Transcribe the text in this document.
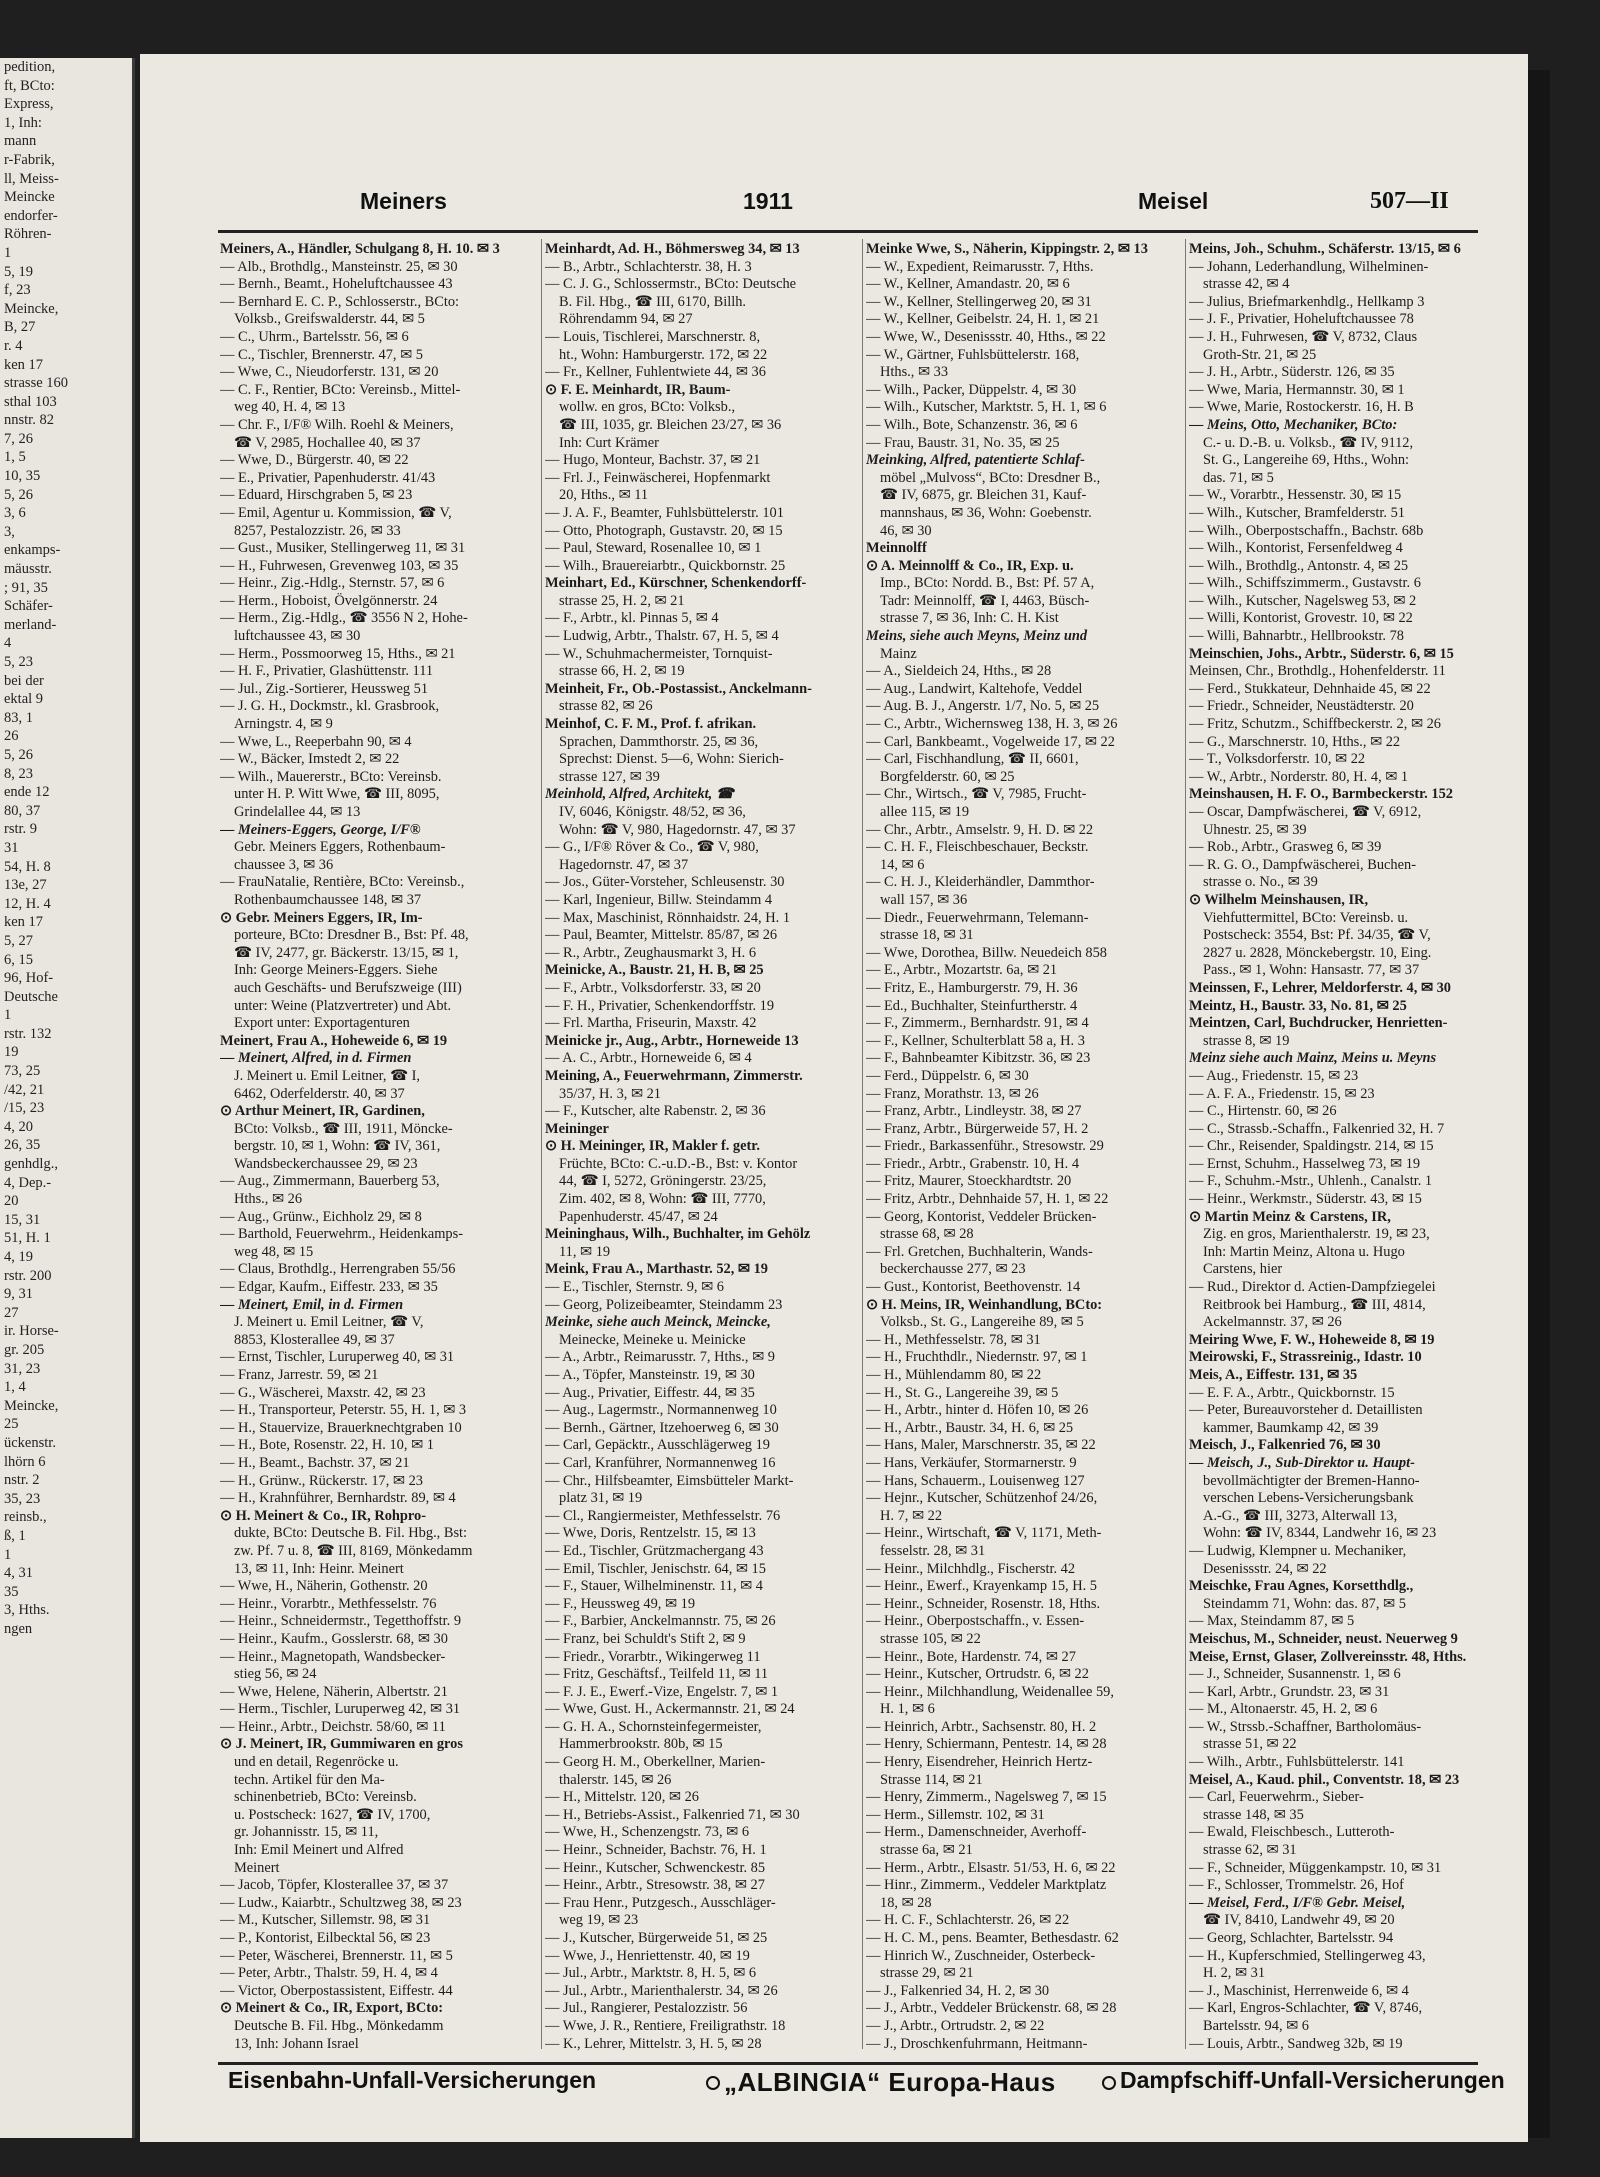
pedition,
ft, BCto:
Express,
1, Inh:
mann
r-Fabrik,
ll, Meiss-
Meincke
endorfer-
Röhren-
1
5, 19
f, 23
Meincke,
B, 27
r. 4
ken 17
strasse 160
sthal 103
nnstr. 82
7, 26
1, 5
10, 35
5, 26
3, 6
3,
enkamps-
mäusstr.
; 91, 35
Schäfer-
merland-
4
5, 23
bei der
ektal 9
83, 1
26
5, 26
8, 23
ende 12
80, 37
rstr. 9
31
54, H. 8
13e, 27
12, H. 4
ken 17
5, 27
6, 15
96, Hof-
Deutsche
1
rstr. 132
19
73, 25
/42, 21
/15, 23
4, 20
26, 35
genhdlg.,
4, Dep.-
20
15, 31
51, H. 1
4, 19
rstr. 200
9, 31
27
ir. Horse-
gr. 205
31, 23
1, 4
Meincke,
25
ückenstr.
lhörn 6
nstr. 2
35, 23
reinsb.,
ß, 1
1
4, 31
35
3, Hths.
ngen
Meiners	1911	Meisel	507—II
Meiners, A., Händler, Schulgang 8, H. 10. ✉ 3
— Alb., Brothdlg., Mansteinstr. 25, ✉ 30
— Bernh., Beamt., Hoheluftchaussee 43
— Bernhard E. C. P., Schlosserstr., BCto:
Volksb., Greifswalderstr. 44, ✉ 5
— C., Uhrm., Bartelsstr. 56, ✉ 6
— C., Tischler, Brennerstr. 47, ✉ 5
— Wwe, C., Nieudorferstr. 131, ✉ 20
— C. F., Rentier, BCto: Vereinsb., Mittel-
weg 40, H. 4, ✉ 13
— Chr. F., I/F® Wilh. Roehl & Meiners,
☎ V, 2985, Hochallee 40, ✉ 37
— Wwe, D., Bürgerstr. 40, ✉ 22
— E., Privatier, Papenhuderstr. 41/43
— Eduard, Hirschgraben 5, ✉ 23
— Emil, Agentur u. Kommission, ☎ V,
8257, Pestalozzistr. 26, ✉ 33
— Gust., Musiker, Stellingerweg 11, ✉ 31
— H., Fuhrwesen, Grevenweg 103, ✉ 35
— Heinr., Zig.-Hdlg., Sternstr. 57, ✉ 6
— Herm., Hoboist, Övelgönnerstr. 24
— Herm., Zig.-Hdlg., ☎ 3556 N 2, Hohe-
luftchaussee 43, ✉ 30
— Herm., Possmoorweg 15, Hths., ✉ 21
— H. F., Privatier, Glashüttenstr. 111
— Jul., Zig.-Sortierer, Heussweg 51
— J. G. H., Dockmstr., kl. Grasbrook,
Arningstr. 4, ✉ 9
— Wwe, L., Reeperbahn 90, ✉ 4
— W., Bäcker, Imstedt 2, ✉ 22
— Wilh., Mauererstr., BCto: Vereinsb.
unter H. P. Witt Wwe, ☎ III, 8095,
Grindelallee 44, ✉ 13
— Meiners-Eggers, George, I/F®
Gebr. Meiners Eggers, Rothenbaum-
chaussee 3, ✉ 36
— FrauNatalie, Rentière, BCto: Vereinsb.,
Rothenbaumchaussee 148, ✉ 37
⊙ Gebr. Meiners Eggers, IR, Im-
porteure, BCto: Dresdner B., Bst: Pf. 48,
☎ IV, 2477, gr. Bäckerstr. 13/15, ✉ 1,
Inh: George Meiners-Eggers. Siehe
auch Geschäfts- und Berufszweige (III)
unter: Weine (Platzvertreter) und Abt.
Export unter: Exportagenturen
Meinert, Frau A., Hoheweide 6, ✉ 19
— Meinert, Alfred, in d. Firmen
J. Meinert u. Emil Leitner, ☎ I,
6462, Oderfelderstr. 40, ✉ 37
⊙ Arthur Meinert, IR, Gardinen,
BCto: Volksb., ☎ III, 1911, Möncke-
bergstr. 10, ✉ 1, Wohn: ☎ IV, 361,
Wandsbeckerchaussee 29, ✉ 23
— Aug., Zimmermann, Bauerberg 53,
Hths., ✉ 26
— Aug., Grünw., Eichholz 29, ✉ 8
— Barthold, Feuerwehrm., Heidenkamps-
weg 48, ✉ 15
— Claus, Brothdlg., Herrengraben 55/56
— Edgar, Kaufm., Eiffestr. 233, ✉ 35
— Meinert, Emil, in d. Firmen
J. Meinert u. Emil Leitner, ☎ V,
8853, Klosterallee 49, ✉ 37
— Ernst, Tischler, Luruperweg 40, ✉ 31
— Franz, Jarrestr. 59, ✉ 21
— G., Wäscherei, Maxstr. 42, ✉ 23
— H., Transporteur, Peterstr. 55, H. 1, ✉ 3
— H., Stauervize, Brauerknechtgraben 10
— H., Bote, Rosenstr. 22, H. 10, ✉ 1
— H., Beamt., Bachstr. 37, ✉ 21
— H., Grünw., Rückerstr. 17, ✉ 23
— H., Krahnführer, Bernhardstr. 89, ✉ 4
⊙ H. Meinert & Co., IR, Rohpro-
dukte, BCto: Deutsche B. Fil. Hbg., Bst:
zw. Pf. 7 u. 8, ☎ III, 8169, Mönkedamm
13, ✉ 11, Inh: Heinr. Meinert
— Wwe, H., Näherin, Gothenstr. 20
— Heinr., Vorarbtr., Methfesselstr. 76
— Heinr., Schneidermstr., Tegetthoffstr. 9
— Heinr., Kaufm., Gosslerstr. 68, ✉ 30
— Heinr., Magnetopath, Wandsbecker-
stieg 56, ✉ 24
— Wwe, Helene, Näherin, Albertstr. 21
— Herm., Tischler, Luruperweg 42, ✉ 31
— Heinr., Arbtr., Deichstr. 58/60, ✉ 11
⊙ J. Meinert, IR, Gummiwaren en gros
und en detail, Regenröcke u.
techn. Artikel für den Ma-
schinenbetrieb, BCto: Vereinsb.
u. Postscheck: 1627, ☎ IV, 1700,
gr. Johannisstr. 15, ✉ 11,
Inh: Emil Meinert und Alfred
Meinert
— Jacob, Töpfer, Klosterallee 37, ✉ 37
— Ludw., Kaiarbtr., Schultzweg 38, ✉ 23
— M., Kutscher, Sillemstr. 98, ✉ 31
— P., Kontorist, Eilbecktal 56, ✉ 23
— Peter, Wäscherei, Brennerstr. 11, ✉ 5
— Peter, Arbtr., Thalstr. 59, H. 4, ✉ 4
— Victor, Oberpostassistent, Eiffestr. 44
⊙ Meinert & Co., IR, Export, BCto:
Deutsche B. Fil. Hbg., Mönkedamm
13, Inh: Johann Israel
Meinhardt, Ad. H., Böhmersweg 34, ✉ 13
— B., Arbtr., Schlachterstr. 38, H. 3
— C. J. G., Schlossermstr., BCto: Deutsche
B. Fil. Hbg., ☎ III, 6170, Billh.
Röhrendamm 94, ✉ 27
— Louis, Tischlerei, Marschnerstr. 8,
ht., Wohn: Hamburgerstr. 172, ✉ 22
— Fr., Kellner, Fuhlentwiete 44, ✉ 36
⊙ F. E. Meinhardt, IR, Baum-
wollw. en gros, BCto: Volksb.,
☎ III, 1035, gr. Bleichen 23/27, ✉ 36
Inh: Curt Krämer
— Hugo, Monteur, Bachstr. 37, ✉ 21
— Frl. J., Feinwäscherei, Hopfenmarkt
20, Hths., ✉ 11
— J. A. F., Beamter, Fuhlsbüttelerstr. 101
— Otto, Photograph, Gustavstr. 20, ✉ 15
— Paul, Steward, Rosenallee 10, ✉ 1
— Wilh., Brauereiarbtr., Quickbornstr. 25
Meinhart, Ed., Kürschner, Schenkendorff-
strasse 25, H. 2, ✉ 21
— F., Arbtr., kl. Pinnas 5, ✉ 4
— Ludwig, Arbtr., Thalstr. 67, H. 5, ✉ 4
— W., Schuhmachermeister, Tornquist-
strasse 66, H. 2, ✉ 19
Meinheit, Fr., Ob.-Postassist., Anckelmann-
strasse 82, ✉ 26
Meinhof, C. F. M., Prof. f. afrikan.
Sprachen, Dammthorstr. 25, ✉ 36,
Sprechst: Dienst. 5—6, Wohn: Sierich-
strasse 127, ✉ 39
Meinhold, Alfred, Architekt, ☎
IV, 6046, Königstr. 48/52, ✉ 36,
Wohn: ☎ V, 980, Hagedornstr. 47, ✉ 37
— G., I/F® Röver & Co., ☎ V, 980,
Hagedornstr. 47, ✉ 37
— Jos., Güter-Vorsteher, Schleusenstr. 30
— Karl, Ingenieur, Billw. Steindamm 4
— Max, Maschinist, Rönnhaidstr. 24, H. 1
— Paul, Beamter, Mittelstr. 85/87, ✉ 26
— R., Arbtr., Zeughausmarkt 3, H. 6
Meinicke, A., Baustr. 21, H. B, ✉ 25
— F., Arbtr., Volksdorferstr. 33, ✉ 20
— F. H., Privatier, Schenkendorffstr. 19
— Frl. Martha, Friseurin, Maxstr. 42
Meinicke jr., Aug., Arbtr., Horneweide 13
— A. C., Arbtr., Horneweide 6, ✉ 4
Meining, A., Feuerwehrmann, Zimmerstr.
35/37, H. 3, ✉ 21
— F., Kutscher, alte Rabenstr. 2, ✉ 36
Meininger
⊙ H. Meininger, IR, Makler f. getr.
Früchte, BCto: C.-u.D.-B., Bst: v. Kontor
44, ☎ I, 5272, Gröningerstr. 23/25,
Zim. 402, ✉ 8, Wohn: ☎ III, 7770,
Papenhuderstr. 45/47, ✉ 24
Meininghaus, Wilh., Buchhalter, im Gehölz
11, ✉ 19
Meink, Frau A., Marthastr. 52, ✉ 19
— E., Tischler, Sternstr. 9, ✉ 6
— Georg, Polizeibeamter, Steindamm 23
Meinke, siehe auch Meinck, Meincke,
Meinecke, Meineke u. Meinicke
— A., Arbtr., Reimarusstr. 7, Hths., ✉ 9
— A., Töpfer, Mansteinstr. 19, ✉ 30
— Aug., Privatier, Eiffestr. 44, ✉ 35
— Aug., Lagermstr., Normannenweg 10
— Bernh., Gärtner, Itzehoerweg 6, ✉ 30
— Carl, Gepäcktr., Ausschlägerweg 19
— Carl, Kranführer, Normannenweg 16
— Chr., Hilfsbeamter, Eimsbütteler Markt-
platz 31, ✉ 19
— Cl., Rangiermeister, Methfesselstr. 76
— Wwe, Doris, Rentzelstr. 15, ✉ 13
— Ed., Tischler, Grützmachergang 43
— Emil, Tischler, Jenischstr. 64, ✉ 15
— F., Stauer, Wilhelminenstr. 11, ✉ 4
— F., Heussweg 49, ✉ 19
— F., Barbier, Anckelmannstr. 75, ✉ 26
— Franz, bei Schuldt's Stift 2, ✉ 9
— Friedr., Vorarbtr., Wikingerweg 11
— Fritz, Geschäftsf., Teilfeld 11, ✉ 11
— F. J. E., Ewerf.-Vize, Engelstr. 7, ✉ 1
— Wwe, Gust. H., Ackermannstr. 21, ✉ 24
— G. H. A., Schornsteinfegermeister,
Hammerbrookstr. 80b, ✉ 15
— Georg H. M., Oberkellner, Marien-
thalerstr. 145, ✉ 26
— H., Mittelstr. 120, ✉ 26
— H., Betriebs-Assist., Falkenried 71, ✉ 30
— Wwe, H., Schenzengstr. 73, ✉ 6
— Heinr., Schneider, Bachstr. 76, H. 1
— Heinr., Kutscher, Schwenckestr. 85
— Heinr., Arbtr., Stresowstr. 38, ✉ 27
— Frau Henr., Putzgesch., Ausschläger-
weg 19, ✉ 23
— J., Kutscher, Bürgerweide 51, ✉ 25
— Wwe, J., Henriettenstr. 40, ✉ 19
— Jul., Arbtr., Marktstr. 8, H. 5, ✉ 6
— Jul., Arbtr., Marienthalerstr. 34, ✉ 26
— Jul., Rangierer, Pestalozzistr. 56
— Wwe, J. R., Rentiere, Freiligrathstr. 18
— K., Lehrer, Mittelstr. 3, H. 5, ✉ 28
Meinke Wwe, S., Näherin, Kippingstr. 2, ✉ 13
— W., Expedient, Reimarusstr. 7, Hths.
— W., Kellner, Amandastr. 20, ✉ 6
— W., Kellner, Stellingerweg 20, ✉ 31
— W., Kellner, Geibelstr. 24, H. 1, ✉ 21
— Wwe, W., Desenissstr. 40, Hths., ✉ 22
— W., Gärtner, Fuhlsbüttelerstr. 168,
Hths., ✉ 33
— Wilh., Packer, Düppelstr. 4, ✉ 30
— Wilh., Kutscher, Marktstr. 5, H. 1, ✉ 6
— Wilh., Bote, Schanzenstr. 36, ✉ 6
— Frau, Baustr. 31, No. 35, ✉ 25
Meinking, Alfred, patentierte Schlaf-
möbel „Mulvoss“, BCto: Dresdner B.,
☎ IV, 6875, gr. Bleichen 31, Kauf-
mannshaus, ✉ 36, Wohn: Goebenstr.
46, ✉ 30
Meinnolff
⊙ A. Meinnolff & Co., IR, Exp. u.
Imp., BCto: Nordd. B., Bst: Pf. 57 A,
Tadr: Meinnolff, ☎ I, 4463, Büsch-
strasse 7, ✉ 36, Inh: C. H. Kist
Meins, siehe auch Meyns, Meinz und
Mainz
— A., Sieldeich 24, Hths., ✉ 28
— Aug., Landwirt, Kaltehofe, Veddel
— Aug. B. J., Angerstr. 1/7, No. 5, ✉ 25
— C., Arbtr., Wichernsweg 138, H. 3, ✉ 26
— Carl, Bankbeamt., Vogelweide 17, ✉ 22
— Carl, Fischhandlung, ☎ II, 6601,
Borgfelderstr. 60, ✉ 25
— Chr., Wirtsch., ☎ V, 7985, Frucht-
allee 115, ✉ 19
— Chr., Arbtr., Amselstr. 9, H. D. ✉ 22
— C. H. F., Fleischbeschauer, Beckstr.
14, ✉ 6
— C. H. J., Kleiderhändler, Dammthor-
wall 157, ✉ 36
— Diedr., Feuerwehrmann, Telemann-
strasse 18, ✉ 31
— Wwe, Dorothea, Billw. Neuedeich 858
— E., Arbtr., Mozartstr. 6a, ✉ 21
— Fritz, E., Hamburgerstr. 79, H. 36
— Ed., Buchhalter, Steinfurtherstr. 4
— F., Zimmerm., Bernhardstr. 91, ✉ 4
— F., Kellner, Schulterblatt 58 a, H. 3
— F., Bahnbeamter Kibitzstr. 36, ✉ 23
— Ferd., Düppelstr. 6, ✉ 30
— Franz, Morathstr. 13, ✉ 26
— Franz, Arbtr., Lindleystr. 38, ✉ 27
— Franz, Arbtr., Bürgerweide 57, H. 2
— Friedr., Barkassenführ., Stresowstr. 29
— Friedr., Arbtr., Grabenstr. 10, H. 4
— Fritz, Maurer, Stoeckhardtstr. 20
— Fritz, Arbtr., Dehnhaide 57, H. 1, ✉ 22
— Georg, Kontorist, Veddeler Brücken-
strasse 68, ✉ 28
— Frl. Gretchen, Buchhalterin, Wands-
beckerchausse 277, ✉ 23
— Gust., Kontorist, Beethovenstr. 14
⊙ H. Meins, IR, Weinhandlung, BCto:
Volksb., St. G., Langereihe 89, ✉ 5
— H., Methfesselstr. 78, ✉ 31
— H., Fruchthdlr., Niedernstr. 97, ✉ 1
— H., Mühlendamm 80, ✉ 22
— H., St. G., Langereihe 39, ✉ 5
— H., Arbtr., hinter d. Höfen 10, ✉ 26
— H., Arbtr., Baustr. 34, H. 6, ✉ 25
— Hans, Maler, Marschnerstr. 35, ✉ 22
— Hans, Verkäufer, Stormarnerstr. 9
— Hans, Schauerm., Louisenweg 127
— Hejnr., Kutscher, Schützenhof 24/26,
H. 7, ✉ 22
— Heinr., Wirtschaft, ☎ V, 1171, Meth-
fesselstr. 28, ✉ 31
— Heinr., Milchhdlg., Fischerstr. 42
— Heinr., Ewerf., Krayenkamp 15, H. 5
— Heinr., Schneider, Rosenstr. 18, Hths.
— Heinr., Oberpostschaffn., v. Essen-
strasse 105, ✉ 22
— Heinr., Bote, Hardenstr. 74, ✉ 27
— Heinr., Kutscher, Ortrudstr. 6, ✉ 22
— Heinr., Milchhandlung, Weidenallee 59,
H. 1, ✉ 6
— Heinrich, Arbtr., Sachsenstr. 80, H. 2
— Henry, Schiermann, Pentestr. 14, ✉ 28
— Henry, Eisendreher, Heinrich Hertz-
Strasse 114, ✉ 21
— Henry, Zimmerm., Nagelsweg 7, ✉ 15
— Herm., Sillemstr. 102, ✉ 31
— Herm., Damenschneider, Averhoff-
strasse 6a, ✉ 21
— Herm., Arbtr., Elsastr. 51/53, H. 6, ✉ 22
— Hinr., Zimmerm., Veddeler Marktplatz
18, ✉ 28
— H. C. F., Schlachterstr. 26, ✉ 22
— H. C. M., pens. Beamter, Bethesdastr. 62
— Hinrich W., Zuschneider, Osterbeck-
strasse 29, ✉ 21
— J., Falkenried 34, H. 2, ✉ 30
— J., Arbtr., Veddeler Brückenstr. 68, ✉ 28
— J., Arbtr., Ortrudstr. 2, ✉ 22
— J., Droschkenfuhrmann, Heitmann-
Meins, Joh., Schuhm., Schäferstr. 13/15, ✉ 6
— Johann, Lederhandlung, Wilhelminen-
strasse 42, ✉ 4
— Julius, Briefmarkenhdlg., Hellkamp 3
— J. F., Privatier, Hoheluftchaussee 78
— J. H., Fuhrwesen, ☎ V, 8732, Claus
Groth-Str. 21, ✉ 25
— J. H., Arbtr., Süderstr. 126, ✉ 35
— Wwe, Maria, Hermannstr. 30, ✉ 1
— Wwe, Marie, Rostockerstr. 16, H. B
— Meins, Otto, Mechaniker, BCto:
C.- u. D.-B. u. Volksb., ☎ IV, 9112,
St. G., Langereihe 69, Hths., Wohn:
das. 71, ✉ 5
— W., Vorarbtr., Hessenstr. 30, ✉ 15
— Wilh., Kutscher, Bramfelderstr. 51
— Wilh., Oberpostschaffn., Bachstr. 68b
— Wilh., Kontorist, Fersenfeldweg 4
— Wilh., Brothdlg., Antonstr. 4, ✉ 25
— Wilh., Schiffszimmerm., Gustavstr. 6
— Wilh., Kutscher, Nagelsweg 53, ✉ 2
— Willi, Kontorist, Grovestr. 10, ✉ 22
— Willi, Bahnarbtr., Hellbrookstr. 78
Meinschien, Johs., Arbtr., Süderstr. 6, ✉ 15
Meinsen, Chr., Brothdlg., Hohenfelderstr. 11
— Ferd., Stukkateur, Dehnhaide 45, ✉ 22
— Friedr., Schneider, Neustädterstr. 20
— Fritz, Schutzm., Schiffbeckerstr. 2, ✉ 26
— G., Marschnerstr. 10, Hths., ✉ 22
— T., Volksdorferstr. 10, ✉ 22
— W., Arbtr., Norderstr. 80, H. 4, ✉ 1
Meinshausen, H. F. O., Barmbeckerstr. 152
— Oscar, Dampfwäscherei, ☎ V, 6912,
Uhnestr. 25, ✉ 39
— Rob., Arbtr., Grasweg 6, ✉ 39
— R. G. O., Dampfwäscherei, Buchen-
strasse o. No., ✉ 39
⊙ Wilhelm Meinshausen, IR,
Viehfuttermittel, BCto: Vereinsb. u.
Postscheck: 3554, Bst: Pf. 34/35, ☎ V,
2827 u. 2828, Mönckebergstr. 10, Eing.
Pass., ✉ 1, Wohn: Hansastr. 77, ✉ 37
Meinssen, F., Lehrer, Meldorferstr. 4, ✉ 30
Meintz, H., Baustr. 33, No. 81, ✉ 25
Meintzen, Carl, Buchdrucker, Henrietten-
strasse 8, ✉ 19
Meinz siehe auch Mainz, Meins u. Meyns
— Aug., Friedenstr. 15, ✉ 23
— A. F. A., Friedenstr. 15, ✉ 23
— C., Hirtenstr. 60, ✉ 26
— C., Strassb.-Schaffn., Falkenried 32, H. 7
— Chr., Reisender, Spaldingstr. 214, ✉ 15
— Ernst, Schuhm., Hasselweg 73, ✉ 19
— F., Schuhm.-Mstr., Uhlenh., Canalstr. 1
— Heinr., Werkmstr., Süderstr. 43, ✉ 15
⊙ Martin Meinz & Carstens, IR,
Zig. en gros, Marienthalerstr. 19, ✉ 23,
Inh: Martin Meinz, Altona u. Hugo
Carstens, hier
— Rud., Direktor d. Actien-Dampfziegelei
Reitbrook bei Hamburg., ☎ III, 4814,
Ackelmannstr. 37, ✉ 26
Meiring Wwe, F. W., Hoheweide 8, ✉ 19
Meirowski, F., Strassreinig., Idastr. 10
Meis, A., Eiffestr. 131, ✉ 35
— E. F. A., Arbtr., Quickbornstr. 15
— Peter, Bureauvorsteher d. Detaillisten
kammer, Baumkamp 42, ✉ 39
Meisch, J., Falkenried 76, ✉ 30
— Meisch, J., Sub-Direktor u. Haupt-
bevollmächtigter der Bremen-Hanno-
verschen Lebens-Versicherungsbank
A.-G., ☎ III, 3273, Alterwall 13,
Wohn: ☎ IV, 8344, Landwehr 16, ✉ 23
— Ludwig, Klempner u. Mechaniker,
Desenissstr. 24, ✉ 22
Meischke, Frau Agnes, Korsetthdlg.,
Steindamm 71, Wohn: das. 87, ✉ 5
— Max, Steindamm 87, ✉ 5
Meischus, M., Schneider, neust. Neuerweg 9
Meise, Ernst, Glaser, Zollvereinsstr. 48, Hths.
— J., Schneider, Susannenstr. 1, ✉ 6
— Karl, Arbtr., Grundstr. 23, ✉ 31
— M., Altonaerstr. 45, H. 2, ✉ 6
— W., Strssb.-Schaffner, Bartholomäus-
strasse 51, ✉ 22
— Wilh., Arbtr., Fuhlsbüttelerstr. 141
Meisel, A., Kaud. phil., Conventstr. 18, ✉ 23
— Carl, Feuerwehrm., Sieber-
strasse 148, ✉ 35
— Ewald, Fleischbesch., Lutteroth-
strasse 62, ✉ 31
— F., Schneider, Müggenkampstr. 10, ✉ 31
— F., Schlosser, Trommelstr. 26, Hof
— Meisel, Ferd., I/F® Gebr. Meisel,
☎ IV, 8410, Landwehr 49, ✉ 20
— Georg, Schlachter, Bartelsstr. 94
— H., Kupferschmied, Stellingerweg 43,
H. 2, ✉ 31
— J., Maschinist, Herrenweide 6, ✉ 4
— Karl, Engros-Schlachter, ☎ V, 8746,
Bartelsstr. 94, ✉ 6
— Louis, Arbtr., Sandweg 32b, ✉ 19
Eisenbahn-Unfall-Versicherungen	„ALBINGIA“ Europa-Haus	Dampfschiff-Unfall-Versicherungen
